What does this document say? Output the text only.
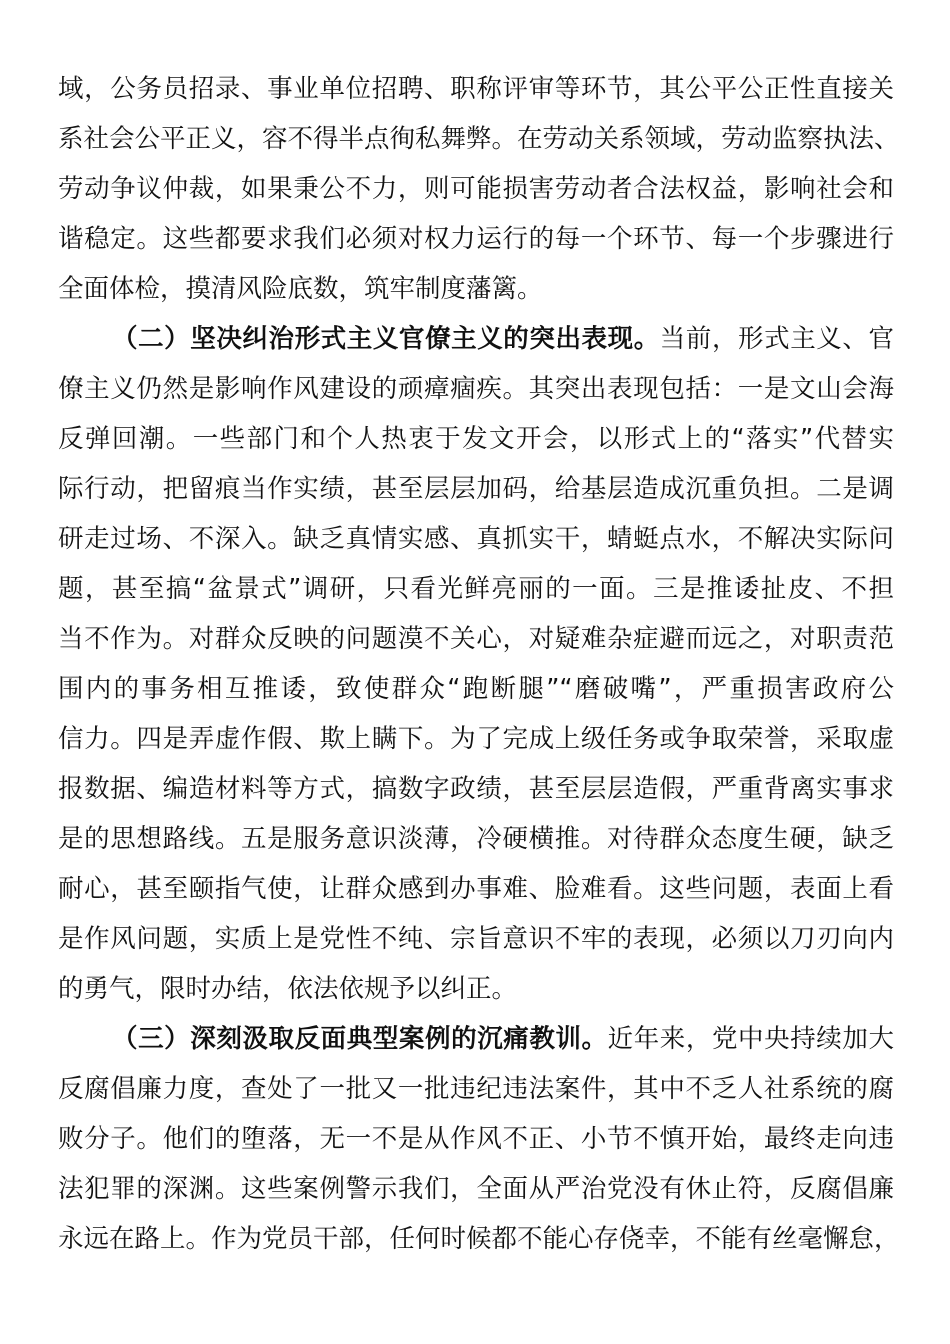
域，公务员招录、事业单位招聘、职称评审等环节，其公平公正性直接关
系社会公平正义，容不得半点徇私舞弊。在劳动关系领域，劳动监察执法、
劳动争议仲裁，如果秉公不力，则可能损害劳动者合法权益，影响社会和
谐稳定。这些都要求我们必须对权力运行的每一个环节、每一个步骤进行
全面体检，摸清风险底数，筑牢制度藩篱。
（二）坚决纠治形式主义官僚主义的突出表现。当前，形式主义、官
僚主义仍然是影响作风建设的顽瘴痼疾。其突出表现包括：一是文山会海
反弹回潮。一些部门和个人热衷于发文开会，以形式上的“落实”代替实
际行动，把留痕当作实绩，甚至层层加码，给基层造成沉重负担。二是调
研走过场、不深入。缺乏真情实感、真抓实干，蜻蜓点水，不解决实际问
题，甚至搞“盆景式”调研，只看光鲜亮丽的一面。三是推诿扯皮、不担
当不作为。对群众反映的问题漠不关心，对疑难杂症避而远之，对职责范
围内的事务相互推诿，致使群众“跑断腿”“磨破嘴”，严重损害政府公
信力。四是弄虚作假、欺上瞒下。为了完成上级任务或争取荣誉，采取虚
报数据、编造材料等方式，搞数字政绩，甚至层层造假，严重背离实事求
是的思想路线。五是服务意识淡薄，冷硬横推。对待群众态度生硬，缺乏
耐心，甚至颐指气使，让群众感到办事难、脸难看。这些问题，表面上看
是作风问题，实质上是党性不纯、宗旨意识不牢的表现，必须以刀刃向内
的勇气，限时办结，依法依规予以纠正。
（三）深刻汲取反面典型案例的沉痛教训。近年来，党中央持续加大
反腐倡廉力度，查处了一批又一批违纪违法案件，其中不乏人社系统的腐
败分子。他们的堕落，无一不是从作风不正、小节不慎开始，最终走向违
法犯罪的深渊。这些案例警示我们，全面从严治党没有休止符，反腐倡廉
永远在路上。作为党员干部，任何时候都不能心存侥幸，不能有丝毫懈怠，
